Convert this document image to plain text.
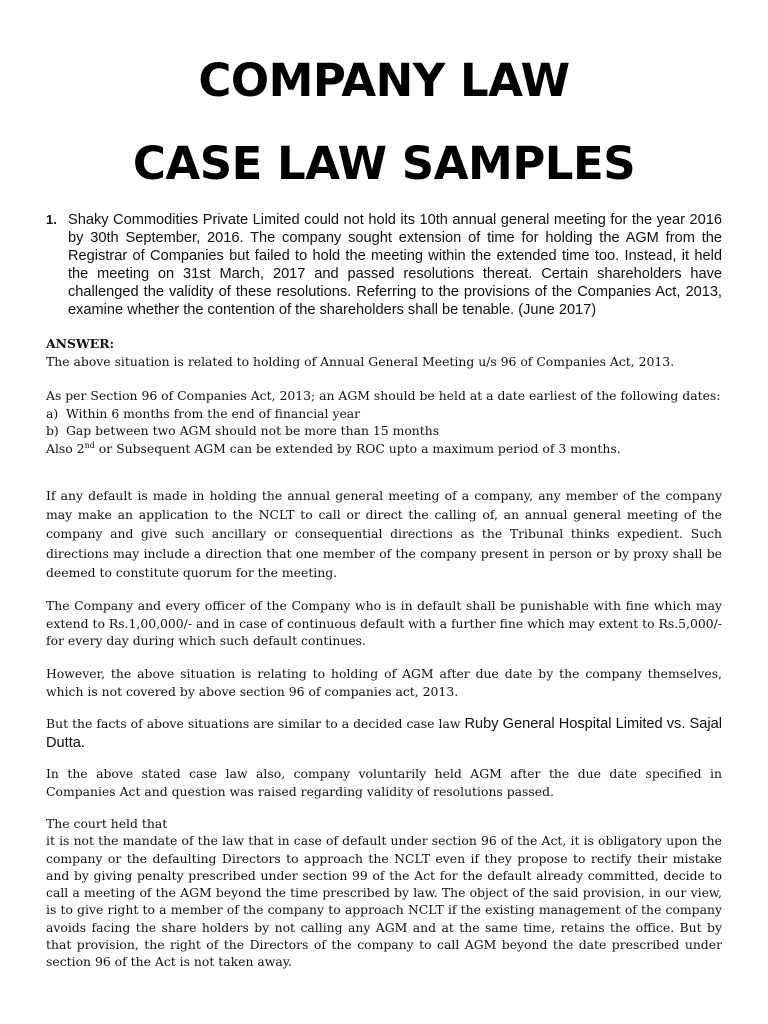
COMPANY LAW
CASE LAW SAMPLES
1. Shaky Commodities Private Limited could not hold its 10th annual general meeting for the year 2016 by 30th September, 2016. The company sought extension of time for holding the AGM from the Registrar of Companies but failed to hold the meeting within the extended time too. Instead, it held the meeting on 31st March, 2017 and passed resolutions thereat. Certain shareholders have challenged the validity of these resolutions. Referring to the provisions of the Companies Act, 2013, examine whether the contention of the shareholders shall be tenable. (June 2017)

ANSWER:

The above situation is related to holding of Annual General Meeting u/s 96 of Companies Act, 2013.

As per Section 96 of Companies Act, 2013; an AGM should be held at a date earliest of the following dates:

a) Within 6 months from the end of financial year
b) Gap between two AGM should not be more than 15 months

Also 2nd or Subsequent AGM can be extended by ROC upto a maximum period of 3 months.

If any default is made in holding the annual general meeting of a company, any member of the company may make an application to the NCLT to call or direct the calling of, an annual general meeting of the company and give such ancillary or consequential directions as the Tribunal thinks expedient. Such directions may include a direction that one member of the company present in person or by proxy shall be deemed to constitute quorum for the meeting.

The Company and every officer of the Company who is in default shall be punishable with fine which may extend to Rs.1,00,000/- and in case of continuous default with a further fine which may extent to Rs.5,000/- for every day during which such default continues.

However, the above situation is relating to holding of AGM after due date by the company themselves, which is not covered by above section 96 of companies act, 2013.

But the facts of above situations are similar to a decided case law Ruby General Hospital Limited vs. Sajal Dutta.

In the above stated case law also, company voluntarily held AGM after the due date specified in Companies Act and question was raised regarding validity of resolutions passed.

The court held that

it is not the mandate of the law that in case of default under section 96 of the Act, it is obligatory upon the company or the defaulting Directors to approach the NCLT even if they propose to rectify their mistake and by giving penalty prescribed under section 99 of the Act for the default already committed, decide to call a meeting of the AGM beyond the time prescribed by law. The object of the said provision, in our view, is to give right to a member of the company to approach NCLT if the existing management of the company avoids facing the share holders by not calling any AGM and at the same time, retains the office. But by that provision, the right of the Directors of the company to call AGM beyond the date prescribed under section 96 of the Act is not taken away.
